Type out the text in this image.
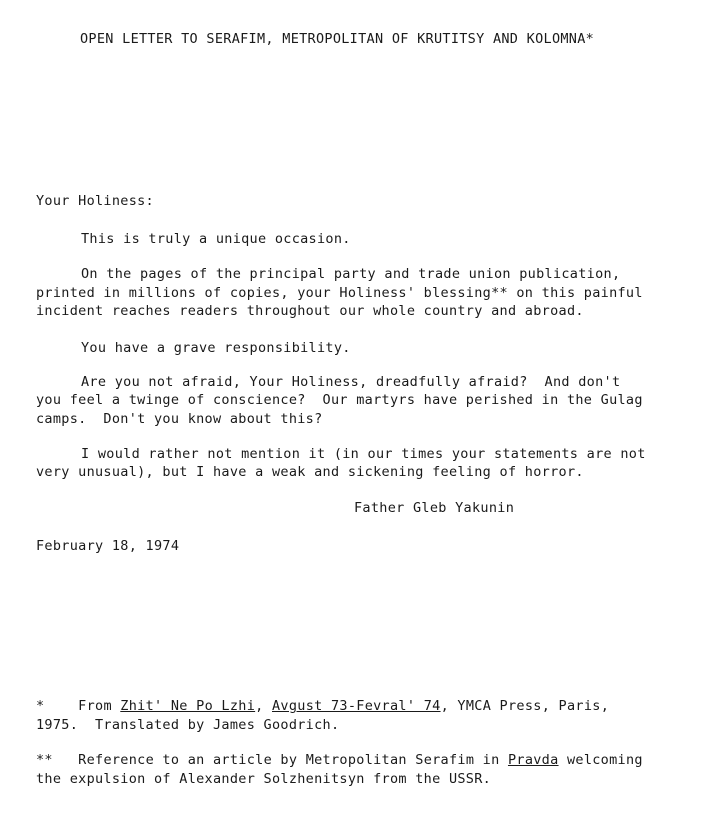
OPEN LETTER TO SERAFIM, METROPOLITAN OF KRUTITSY AND KOLOMNA*
Your Holiness:
This is truly a unique occasion.
On the pages of the principal party and trade union publication,
printed in millions of copies, your Holiness' blessing** on this painful
incident reaches readers throughout our whole country and abroad.
You have a grave responsibility.
Are you not afraid, Your Holiness, dreadfully afraid?  And don't
you feel a twinge of conscience?  Our martyrs have perished in the Gulag
camps.  Don't you know about this?
I would rather not mention it (in our times your statements are not
very unusual), but I have a weak and sickening feeling of horror.
Father Gleb Yakunin
February 18, 1974
* From Zhit' Ne Po Lzhi, Avgust 73-Fevral' 74, YMCA Press, Paris,
1975.  Translated by James Goodrich.
** Reference to an article by Metropolitan Serafim in Pravda welcoming
the expulsion of Alexander Solzhenitsyn from the USSR.
